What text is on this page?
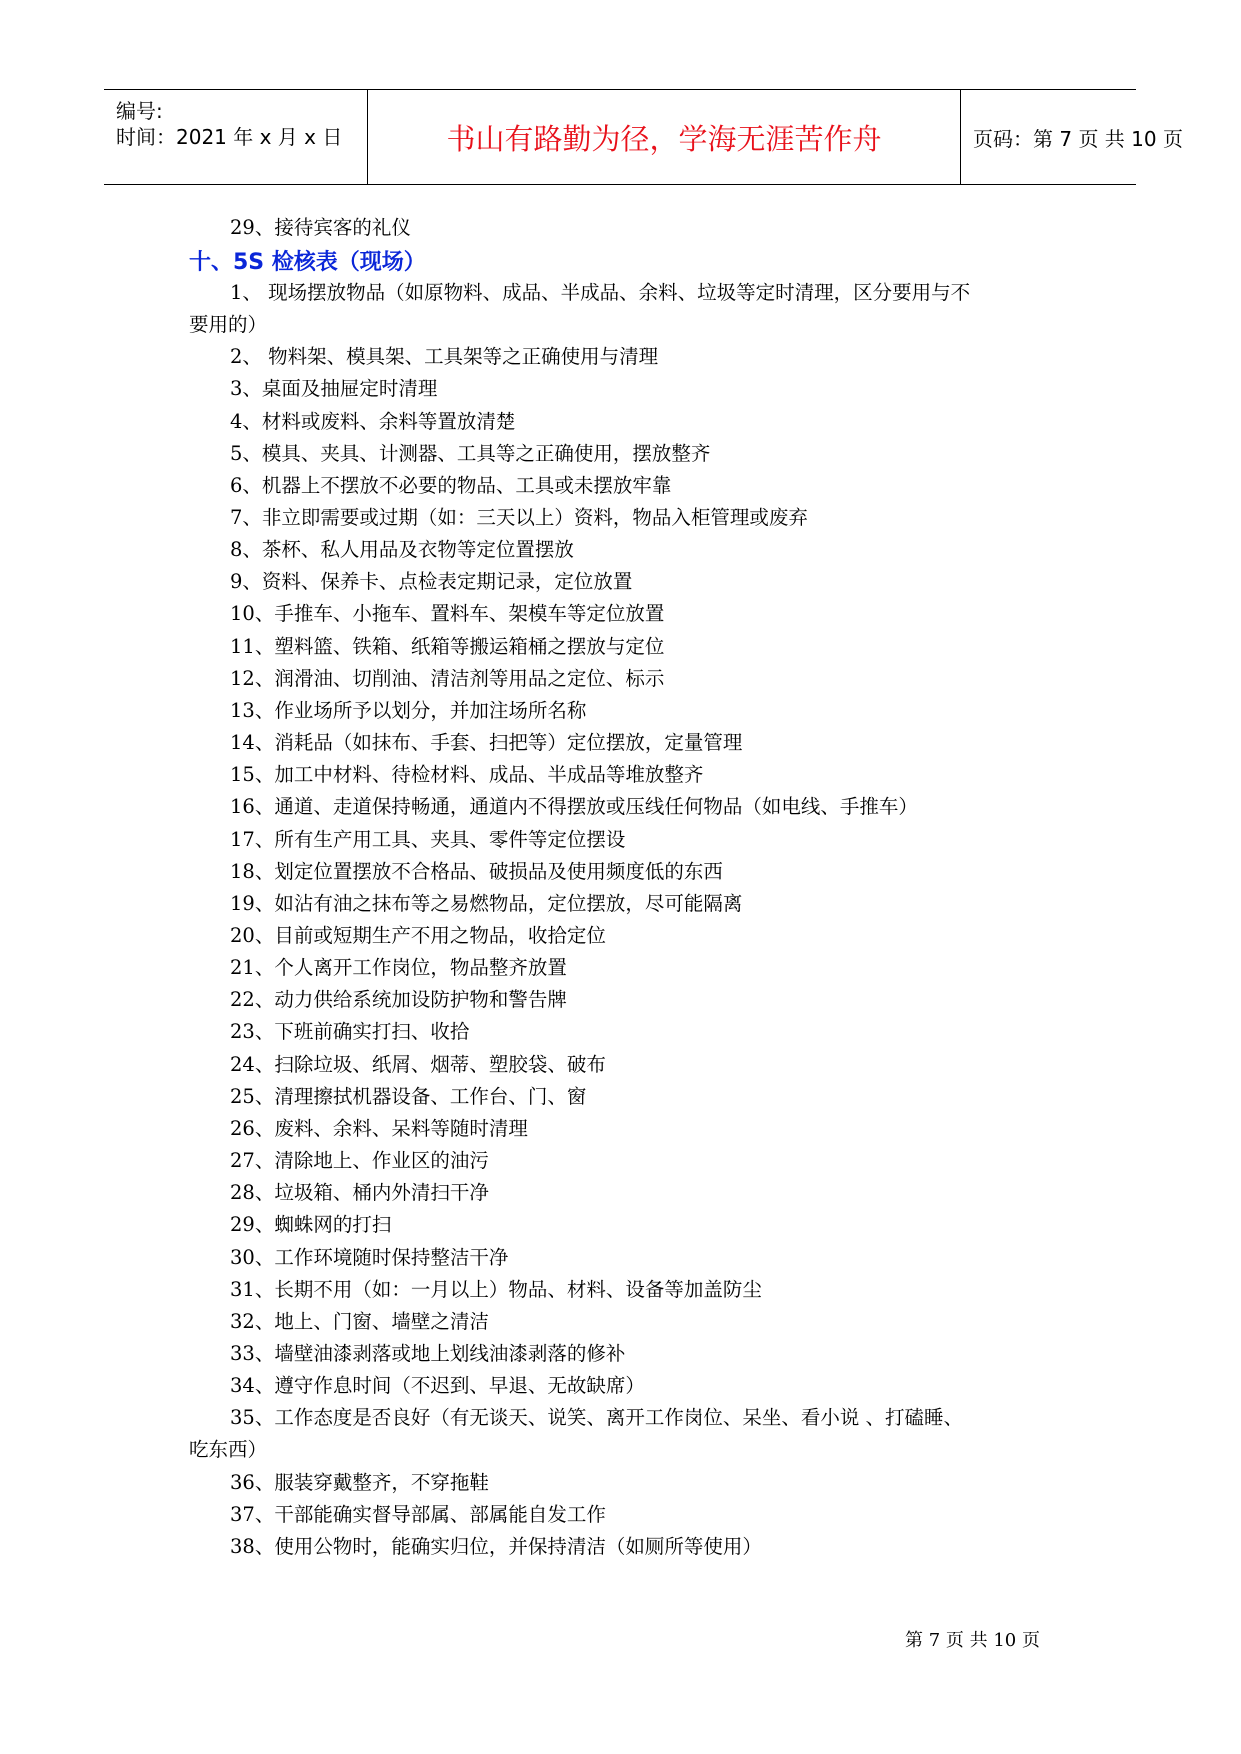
编号:
时间：2021 年 x 月 x 日	书山有路勤为径，学海无涯苦作舟	页码：第 7 页 共 10 页
29、接待宾客的礼仪
十、5S 检核表（现场）
1、 现场摆放物品（如原物料、成品、半成品、余料、垃圾等定时清理，区分要用与不
要用的）
2、 物料架、模具架、工具架等之正确使用与清理
3、桌面及抽屉定时清理
4、材料或废料、余料等置放清楚
5、模具、夹具、计测器、工具等之正确使用，摆放整齐
6、机器上不摆放不必要的物品、工具或未摆放牢靠
7、非立即需要或过期（如：三天以上）资料，物品入柜管理或废弃
8、茶杯、私人用品及衣物等定位置摆放
9、资料、保养卡、点检表定期记录，定位放置
10、手推车、小拖车、置料车、架模车等定位放置
11、塑料篮、铁箱、纸箱等搬运箱桶之摆放与定位
12、润滑油、切削油、清洁剂等用品之定位、标示
13、作业场所予以划分，并加注场所名称
14、消耗品（如抹布、手套、扫把等）定位摆放，定量管理
15、加工中材料、待检材料、成品、半成品等堆放整齐
16、通道、走道保持畅通，通道内不得摆放或压线任何物品（如电线、手推车）
17、所有生产用工具、夹具、零件等定位摆设
18、划定位置摆放不合格品、破损品及使用频度低的东西
19、如沾有油之抹布等之易燃物品，定位摆放，尽可能隔离
20、目前或短期生产不用之物品，收拾定位
21、个人离开工作岗位，物品整齐放置
22、动力供给系统加设防护物和警告牌
23、下班前确实打扫、收拾
24、扫除垃圾、纸屑、烟蒂、塑胶袋、破布
25、清理擦拭机器设备、工作台、门、窗
26、废料、余料、呆料等随时清理
27、清除地上、作业区的油污
28、垃圾箱、桶内外清扫干净
29、蜘蛛网的打扫
30、工作环境随时保持整洁干净
31、长期不用（如：一月以上）物品、材料、设备等加盖防尘
32、地上、门窗、墙壁之清洁
33、墙壁油漆剥落或地上划线油漆剥落的修补
34、遵守作息时间（不迟到、早退、无故缺席）
35、工作态度是否良好（有无谈天、说笑、离开工作岗位、呆坐、看小说 、打磕睡、
吃东西）
36、服装穿戴整齐，不穿拖鞋
37、干部能确实督导部属、部属能自发工作
38、使用公物时，能确实归位，并保持清洁（如厕所等使用）
第 7 页 共 10 页
